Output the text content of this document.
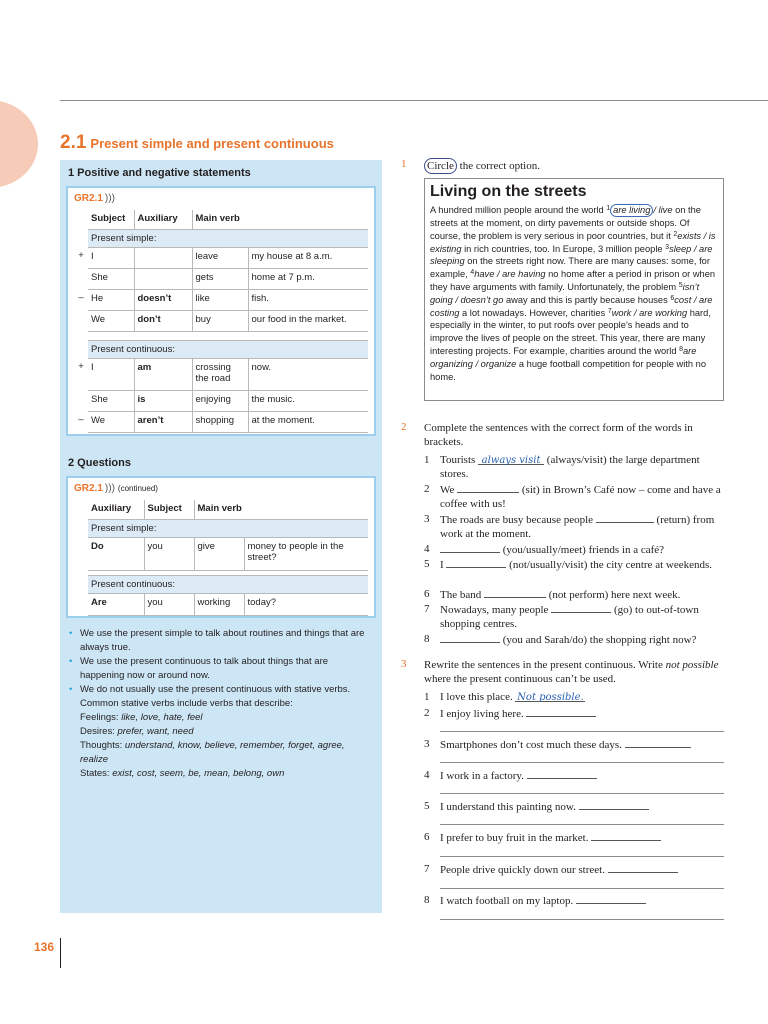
2.1 Present simple and present continuous
1 Positive and negative statements
GR2.1 )))
	Subject	Auxiliary	Main verb	
	Present simple:			
+	I		leave	my house at 8 a.m.
	She		gets	home at 7 p.m.
–	He	doesn’t	like	fish.
	We	don’t	buy	our food in the market.

	Present continuous:			
+	I	am	crossing the road	now.
	She	is	enjoying	the music.
–	We	aren’t	shopping	at the moment.
2 Questions
GR2.1 ))) (continued)
Auxiliary	Subject	Main verb	
Present simple:			
Do	you	give	money to people in the street?

Present continuous:			
Are	you	working	today?
• We use the present simple to talk about routines and things that are always true.
• We use the present continuous to talk about things that are happening now or around now.
• We do not usually use the present continuous with stative verbs. Common stative verbs include verbs that describe:
Feelings: like, love, hate, feel
Desires: prefer, want, need
Thoughts: understand, know, believe, remember, forget, agree, realize
States: exist, cost, seem, be, mean, belong, own
1 Circle the correct option.
Living on the streets
A hundred million people around the world $^1$ are living / live on the streets at the moment, on dirty pavements or outside shops. Of course, the problem is very serious in poor countries, but it $^2$exists / is existing in rich countries, too. In Europe, 3 million people $^3$sleep / are sleeping on the streets right now. There are many causes: some, for example, $^4$have / are having no home after a period in prison or when they have arguments with family. Unfortunately, the problem $^5$isn’t going / doesn’t go away and this is partly because houses $^6$cost / are costing a lot nowadays. However, charities $^7$work / are working hard, especially in the winter, to put roofs over people’s heads and to improve the lives of people on the street. This year, there are many interesting projects. For example, charities around the world $^8$are organizing / organize a huge football competition for people with no home.
2 Complete the sentences with the correct form of the words in brackets.
1 Tourists always visit (always/visit) the large department stores.
2 We	(sit) in Brown’s Café now – come and have a coffee with us!
3 The roads are busy because people	(return) from work at the moment.
4	(you/usually/meet) friends in a café?
5 I	(not/usually/visit) the city centre at weekends.
6 The band	(not perform) here next week.
7 Nowadays, many people	(go) to out-of-town shopping centres.
8	(you and Sarah/do) the shopping right now?
3 Rewrite the sentences in the present continuous. Write not possible where the present continuous can’t be used.
1 I love this place. Not possible.
2 I enjoy living here.
3 Smartphones don’t cost much these days.
4 I work in a factory.
5 I understand this painting now.
6 I prefer to buy fruit in the market.
7 People drive quickly down our street.
8 I watch football on my laptop.
136
